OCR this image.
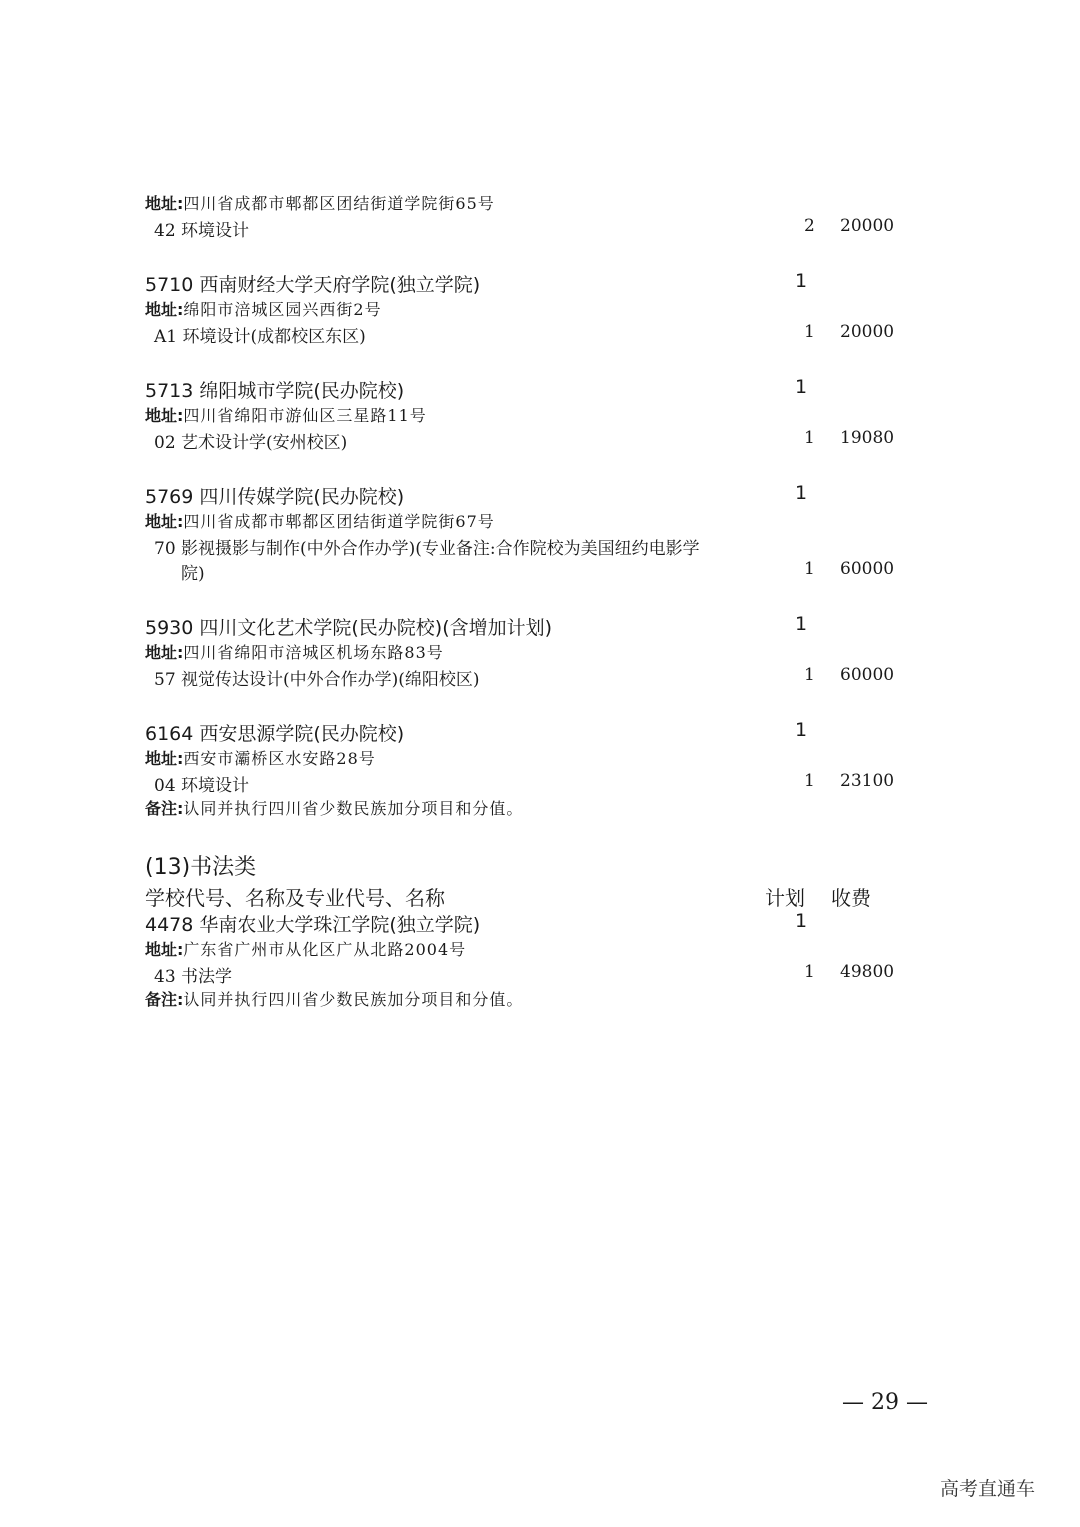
地址:四川省成都市郫都区团结街道学院街65号
42 环境设计	2 20000
5710 西南财经大学天府学院(独立学院)	1
地址:绵阳市涪城区园兴西街2号
A1 环境设计(成都校区东区)	1 20000
5713 绵阳城市学院(民办院校)	1
地址:四川省绵阳市游仙区三星路11号
02 艺术设计学(安州校区)	1 19080
5769 四川传媒学院(民办院校)	1
地址:四川省成都市郫都区团结街道学院街67号
70 影视摄影与制作(中外合作办学)(专业备注:合作院校为美国纽约电影学
院)	1 60000
5930 四川文化艺术学院(民办院校)(含增加计划)	1
地址:四川省绵阳市涪城区机场东路83号
57 视觉传达设计(中外合作办学)(绵阳校区)	1 60000
6164 西安思源学院(民办院校)	1
地址:西安市灞桥区水安路28号
04 环境设计	1 23100
备注:认同并执行四川省少数民族加分项目和分值。
(13)书法类
学校代号、名称及专业代号、名称	计划 收费
4478 华南农业大学珠江学院(独立学院)	1
地址:广东省广州市从化区广从北路2004号
43 书法学	1 49800
备注:认同并执行四川省少数民族加分项目和分值。
— 29 —
高考直通车
